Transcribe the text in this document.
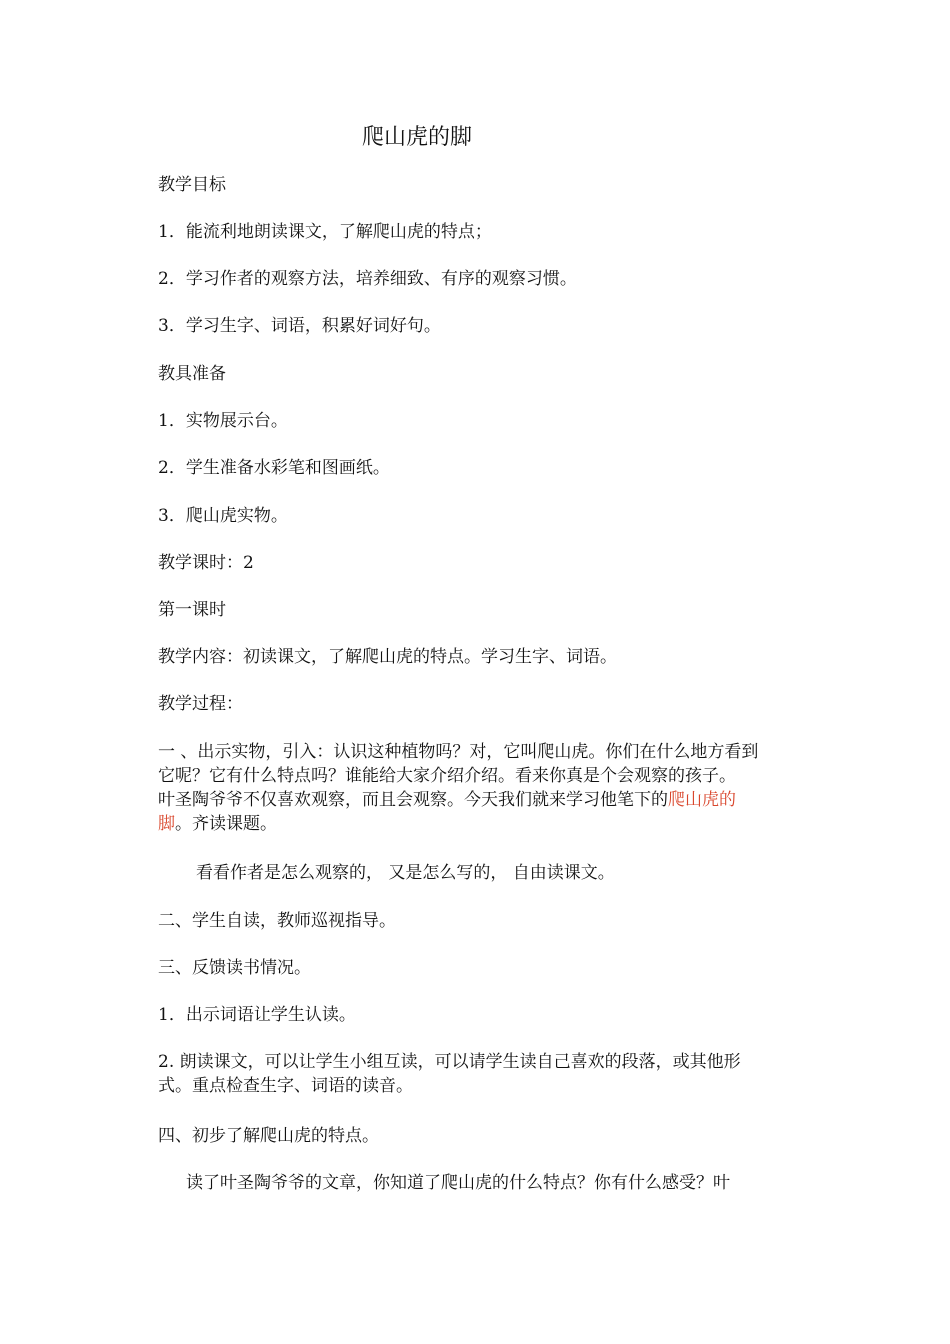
爬山虎的脚
教学目标
1．能流利地朗读课文，了解爬山虎的特点；
2．学习作者的观察方法，培养细致、有序的观察习惯。
3．学习生字、词语，积累好词好句。
教具准备
1．实物展示台。
2．学生准备水彩笔和图画纸。
3．爬山虎实物。
教学课时：2
第一课时
教学内容：初读课文，了解爬山虎的特点。学习生字、词语。
教学过程：
一 、出示实物，引入：认识这种植物吗？对，它叫爬山虎。你们在什么地方看到
它呢？它有什么特点吗？谁能给大家介绍介绍。看来你真是个会观察的孩子。
叶圣陶爷爷不仅喜欢观察，而且会观察。今天我们就来学习他笔下的爬山虎的
脚。齐读课题。
看看作者是怎么观察的， 又是怎么写的， 自由读课文。
二、学生自读，教师巡视指导。
三、反馈读书情况。
1．出示词语让学生认读。
2. 朗读课文，可以让学生小组互读，可以请学生读自己喜欢的段落，或其他形
式。重点检查生字、词语的读音。
四、初步了解爬山虎的特点。
读了叶圣陶爷爷的文章，你知道了爬山虎的什么特点？你有什么感受？叶
